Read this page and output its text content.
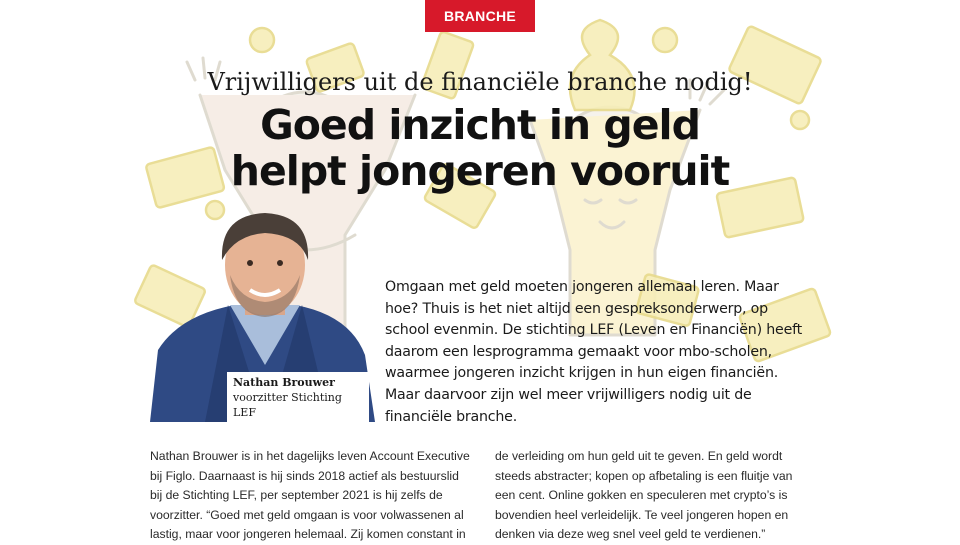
BRANCHE
Vrijwilligers uit de financiële branche nodig!
Goed inzicht in geld
helpt jongeren vooruit
Nathan Brouwer
voorzitter Stichting LEF
Omgaan met geld moeten jongeren allemaal leren. Maar hoe? Thuis is het niet altijd een gespreksonderwerp, op school evenmin. De stichting LEF (Leven en Financiën) heeft daarom een lesprogramma gemaakt voor mbo-scholen, waarmee jongeren inzicht krijgen in hun eigen financiën. Maar daarvoor zijn wel meer vrijwilligers nodig uit de financiële branche.

Nathan Brouwer is in het dagelijks leven Account Executive bij Figlo. Daarnaast is hij sinds 2018 actief als bestuurslid bij de Stichting LEF, per september 2021 is hij zelfs de voorzitter. “Goed met geld omgaan is voor volwassenen al lastig, maar voor jongeren helemaal. Zij komen constant in

de verleiding om hun geld uit te geven. En geld wordt steeds abstracter; kopen op afbetaling is een fluitje van een cent. Online gokken en speculeren met crypto’s is bovendien heel verleidelijk. Te veel jongeren hopen en denken via deze weg snel veel geld te verdienen.”
